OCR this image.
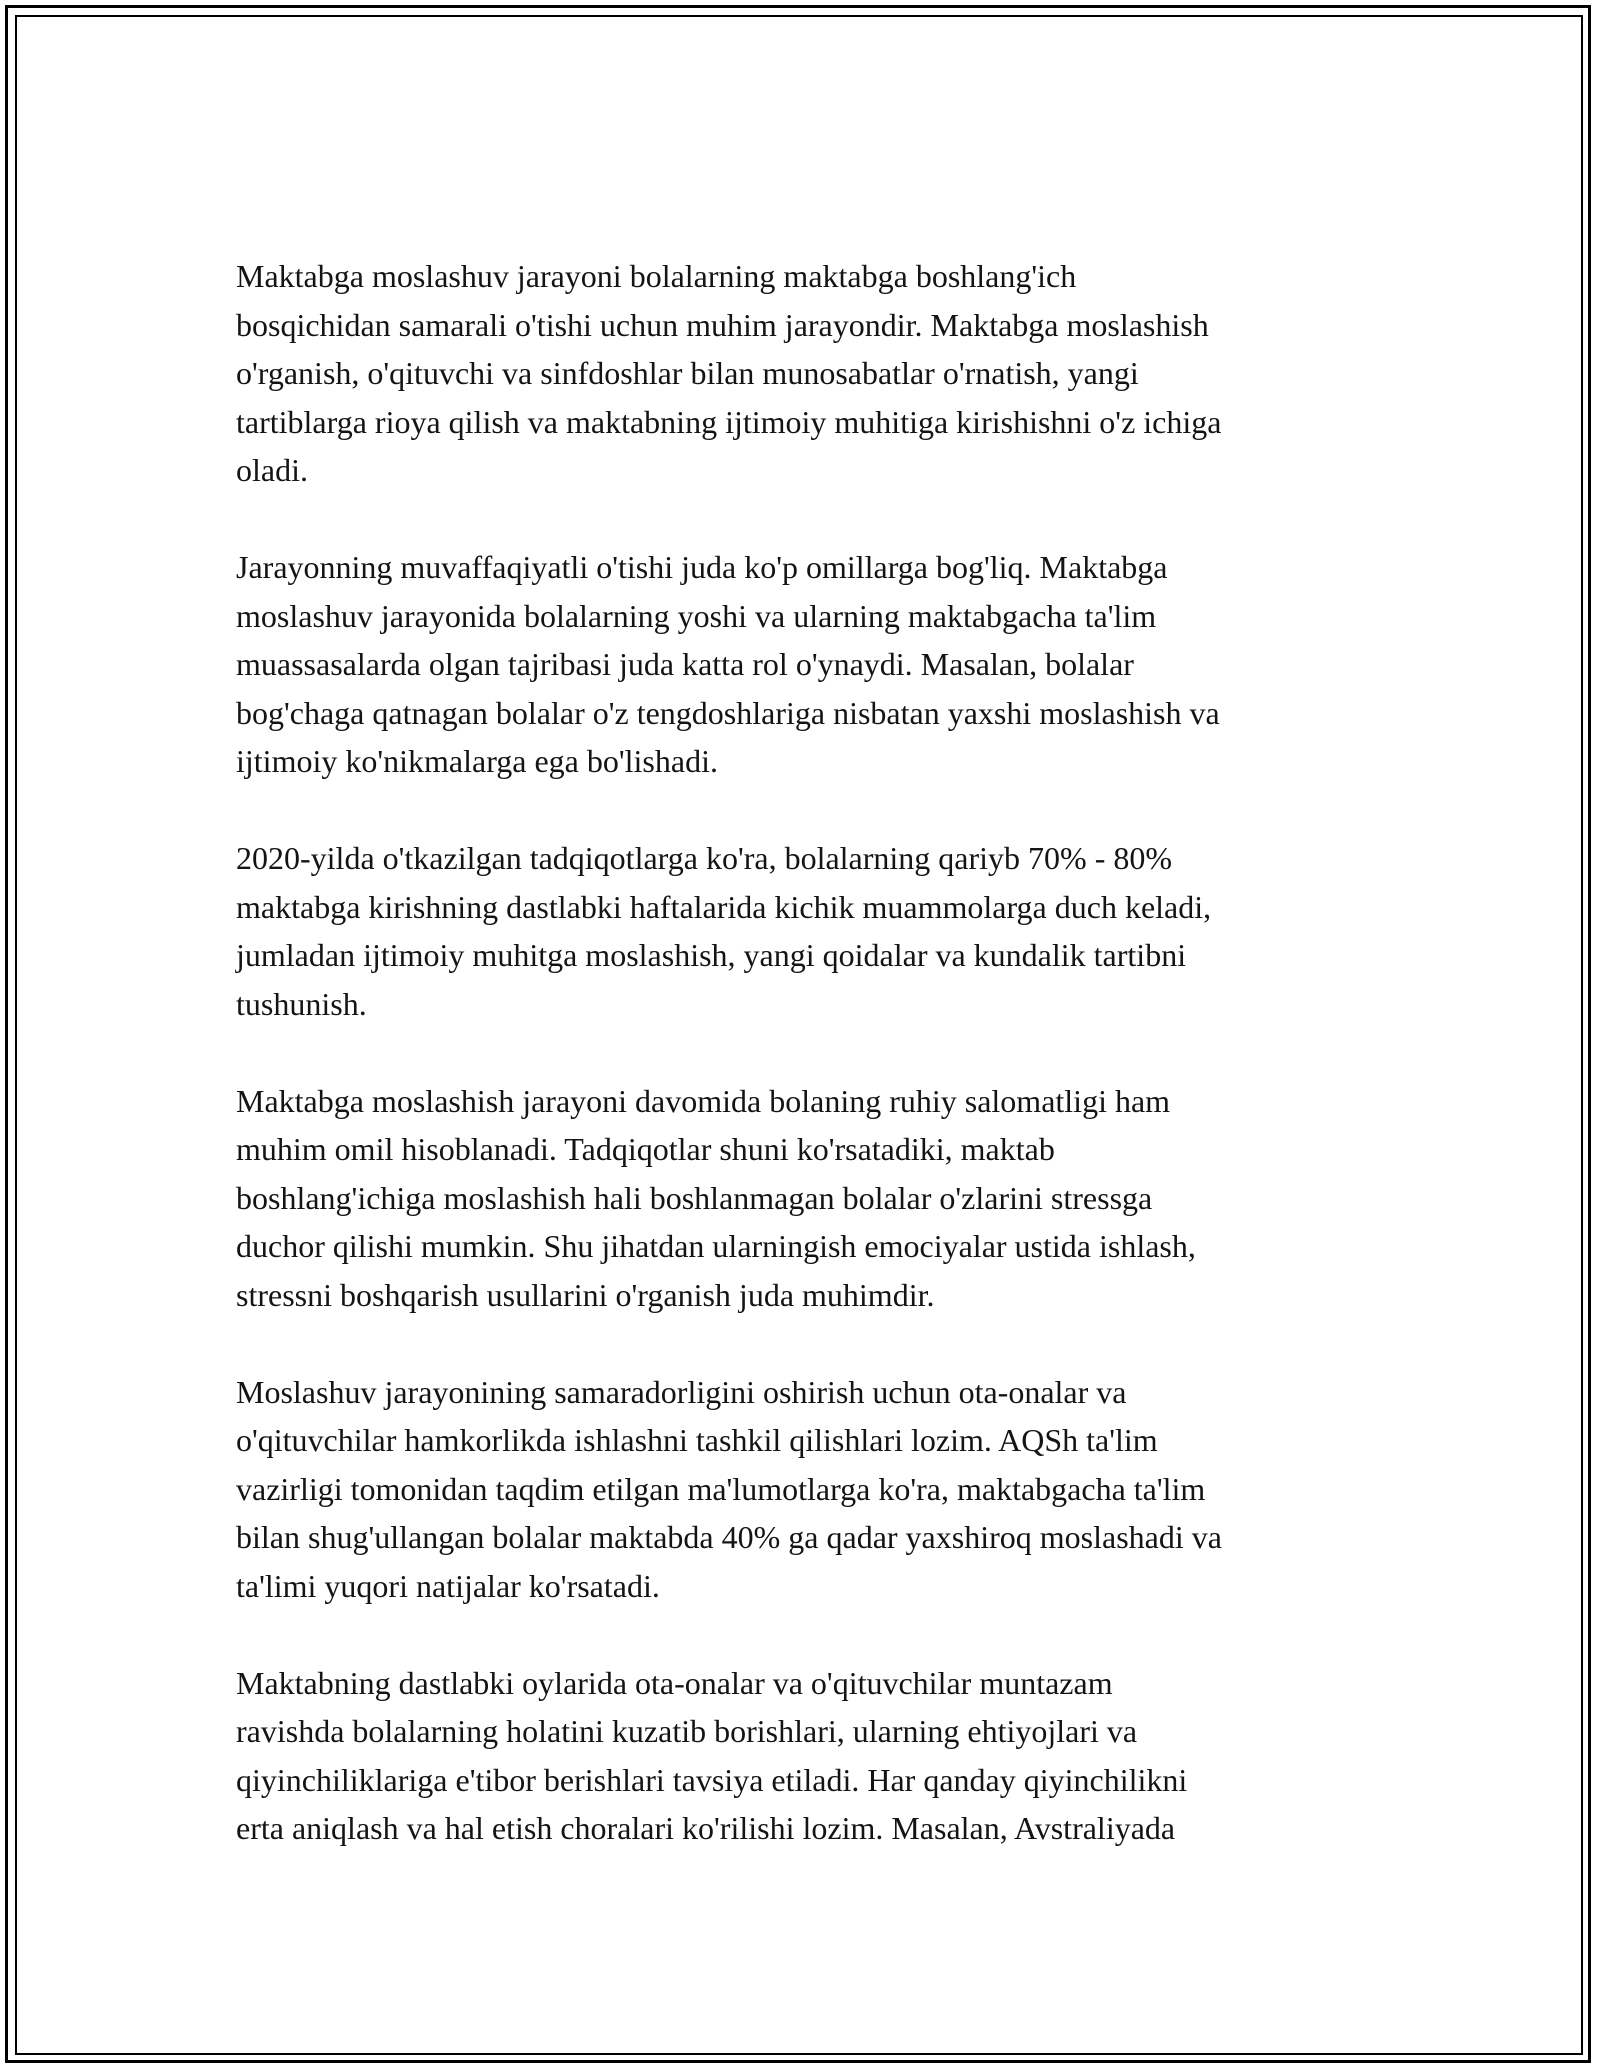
Maktabga moslashuv jarayoni bolalarning maktabga boshlang'ich
bosqichidan samarali o'tishi uchun muhim jarayondir. Maktabga moslashish
o'rganish, o'qituvchi va sinfdoshlar bilan munosabatlar o'rnatish, yangi
tartiblarga rioya qilish va maktabning ijtimoiy muhitiga kirishishni o'z ichiga
oladi.

Jarayonning muvaffaqiyatli o'tishi juda ko'p omillarga bog'liq. Maktabga
moslashuv jarayonida bolalarning yoshi va ularning maktabgacha ta'lim
muassasalarda olgan tajribasi juda katta rol o'ynaydi. Masalan, bolalar
bog'chaga qatnagan bolalar o'z tengdoshlariga nisbatan yaxshi moslashish va
ijtimoiy ko'nikmalarga ega bo'lishadi.

2020-yilda o'tkazilgan tadqiqotlarga ko'ra, bolalarning qariyb 70% - 80%
maktabga kirishning dastlabki haftalarida kichik muammolarga duch keladi,
jumladan ijtimoiy muhitga moslashish, yangi qoidalar va kundalik tartibni
tushunish.

Maktabga moslashish jarayoni davomida bolaning ruhiy salomatligi ham
muhim omil hisoblanadi. Tadqiqotlar shuni ko'rsatadiki, maktab
boshlang'ichiga moslashish hali boshlanmagan bolalar o'zlarini stressga
duchor qilishi mumkin. Shu jihatdan ularningish emociyalar ustida ishlash,
stressni boshqarish usullarini o'rganish juda muhimdir.

Moslashuv jarayonining samaradorligini oshirish uchun ota-onalar va
o'qituvchilar hamkorlikda ishlashni tashkil qilishlari lozim. AQSh ta'lim
vazirligi tomonidan taqdim etilgan ma'lumotlarga ko'ra, maktabgacha ta'lim
bilan shug'ullangan bolalar maktabda 40% ga qadar yaxshiroq moslashadi va
ta'limi yuqori natijalar ko'rsatadi.

Maktabning dastlabki oylarida ota-onalar va o'qituvchilar muntazam
ravishda bolalarning holatini kuzatib borishlari, ularning ehtiyojlari va
qiyinchiliklariga e'tibor berishlari tavsiya etiladi. Har qanday qiyinchilikni
erta aniqlash va hal etish choralari ko'rilishi lozim. Masalan, Avstraliyada
